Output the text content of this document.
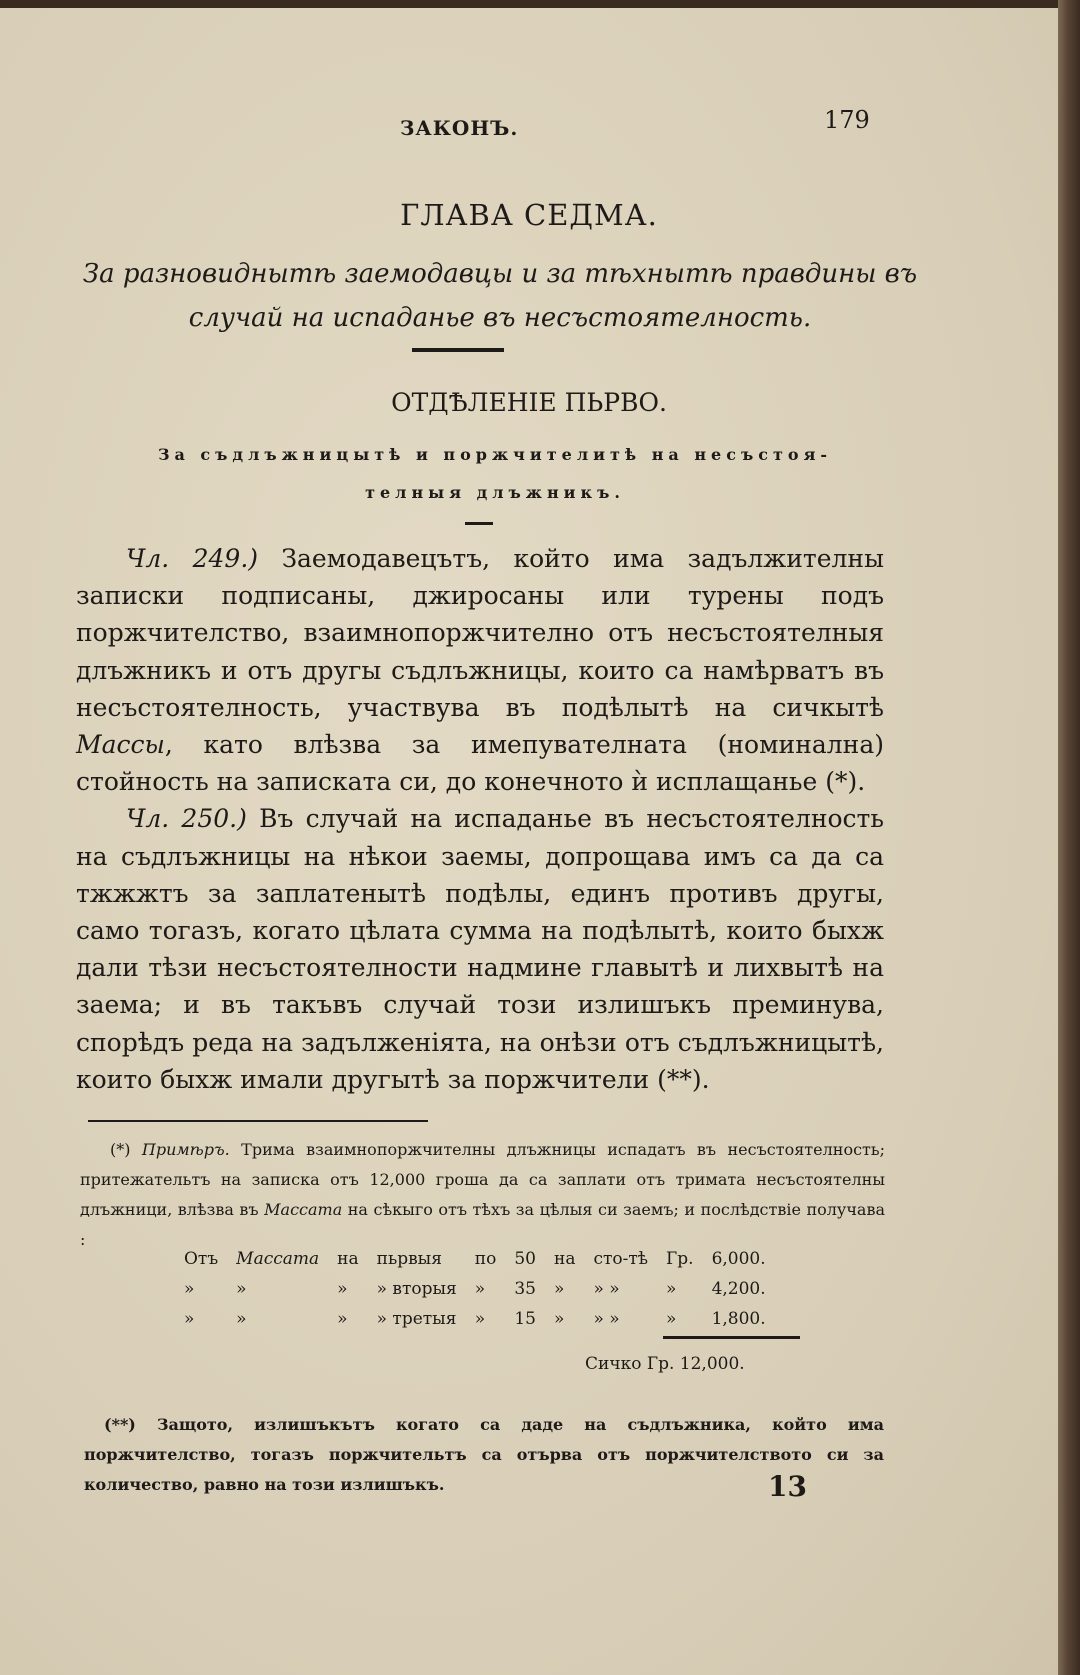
ЗАКОНЪ.	179
ГЛАВА СЕДМА.
За разновиднытѣ заемодавцы и за тѣхнытѣ правдины въ
случай на испаданье въ несъстоятелность.
ОТДѢЛЕНІЕ ПЬРВО.
За съдлъжницытѣ и поржчителитѣ на несъстоя-
телныя длъжникъ.

Чл. 249.) Заемодавецътъ, който има задължителны записки подписаны, джиросаны или турены подъ поржчителство, взаимнопоржчително отъ несъстоятелныя длъжникъ и отъ другы съдлъжницы, които са намѣрватъ въ несъстоятелность, участвува въ подѣлытѣ на сичкытѣ Массы, като влѣзва за имепувателната (номинална) стойность на записката си, до конечното ѝ исплащанье (*).

Чл. 250.) Въ случай на испаданье въ несъстоятелность на съдлъжницы на нѣкои заемы, допрощава имъ са да са тжжжтъ за заплатенытѣ подѣлы, единъ противъ другы, само тогазъ, когато цѣлата сумма на подѣлытѣ, които быхж дали тѣзи несъстоятелности надмине главытѣ и лихвытѣ на заема; и въ такъвъ случай този излишъкъ преминува, спорѣдъ реда на задълженіята, на онѣзи отъ съдлъжницытѣ, които быхж имали другытѣ за поржчители (**).

(*) Примѣръ. Трима взаимнопоржчителны длъжницы испадатъ въ несъстоятелность; притежательтъ на записка отъ 12,000 гроша да са заплати отъ тримата несъстоятелны длъжници, влѣзва въ Массата на сѣкыго отъ тѣхъ за цѣлыя си заемъ; и послѣдствіе получава :

Отъ	Массата	на	пьрвыя	по	50	на	сто-тѣ	Гр.	6,000.
»	»	»	» вторыя	»	35	»	» »	»	4,200.
»	»	»	» третыя	»	15	»	» »	»	1,800.
Сичко Гр. 12,000.

(**) Защото, излишъкътъ когато са даде на съдлъжника, който има поржчителство, тогазъ поржчительтъ са отърва отъ поржчителството си за количество, равно на този излишъкъ.	13
